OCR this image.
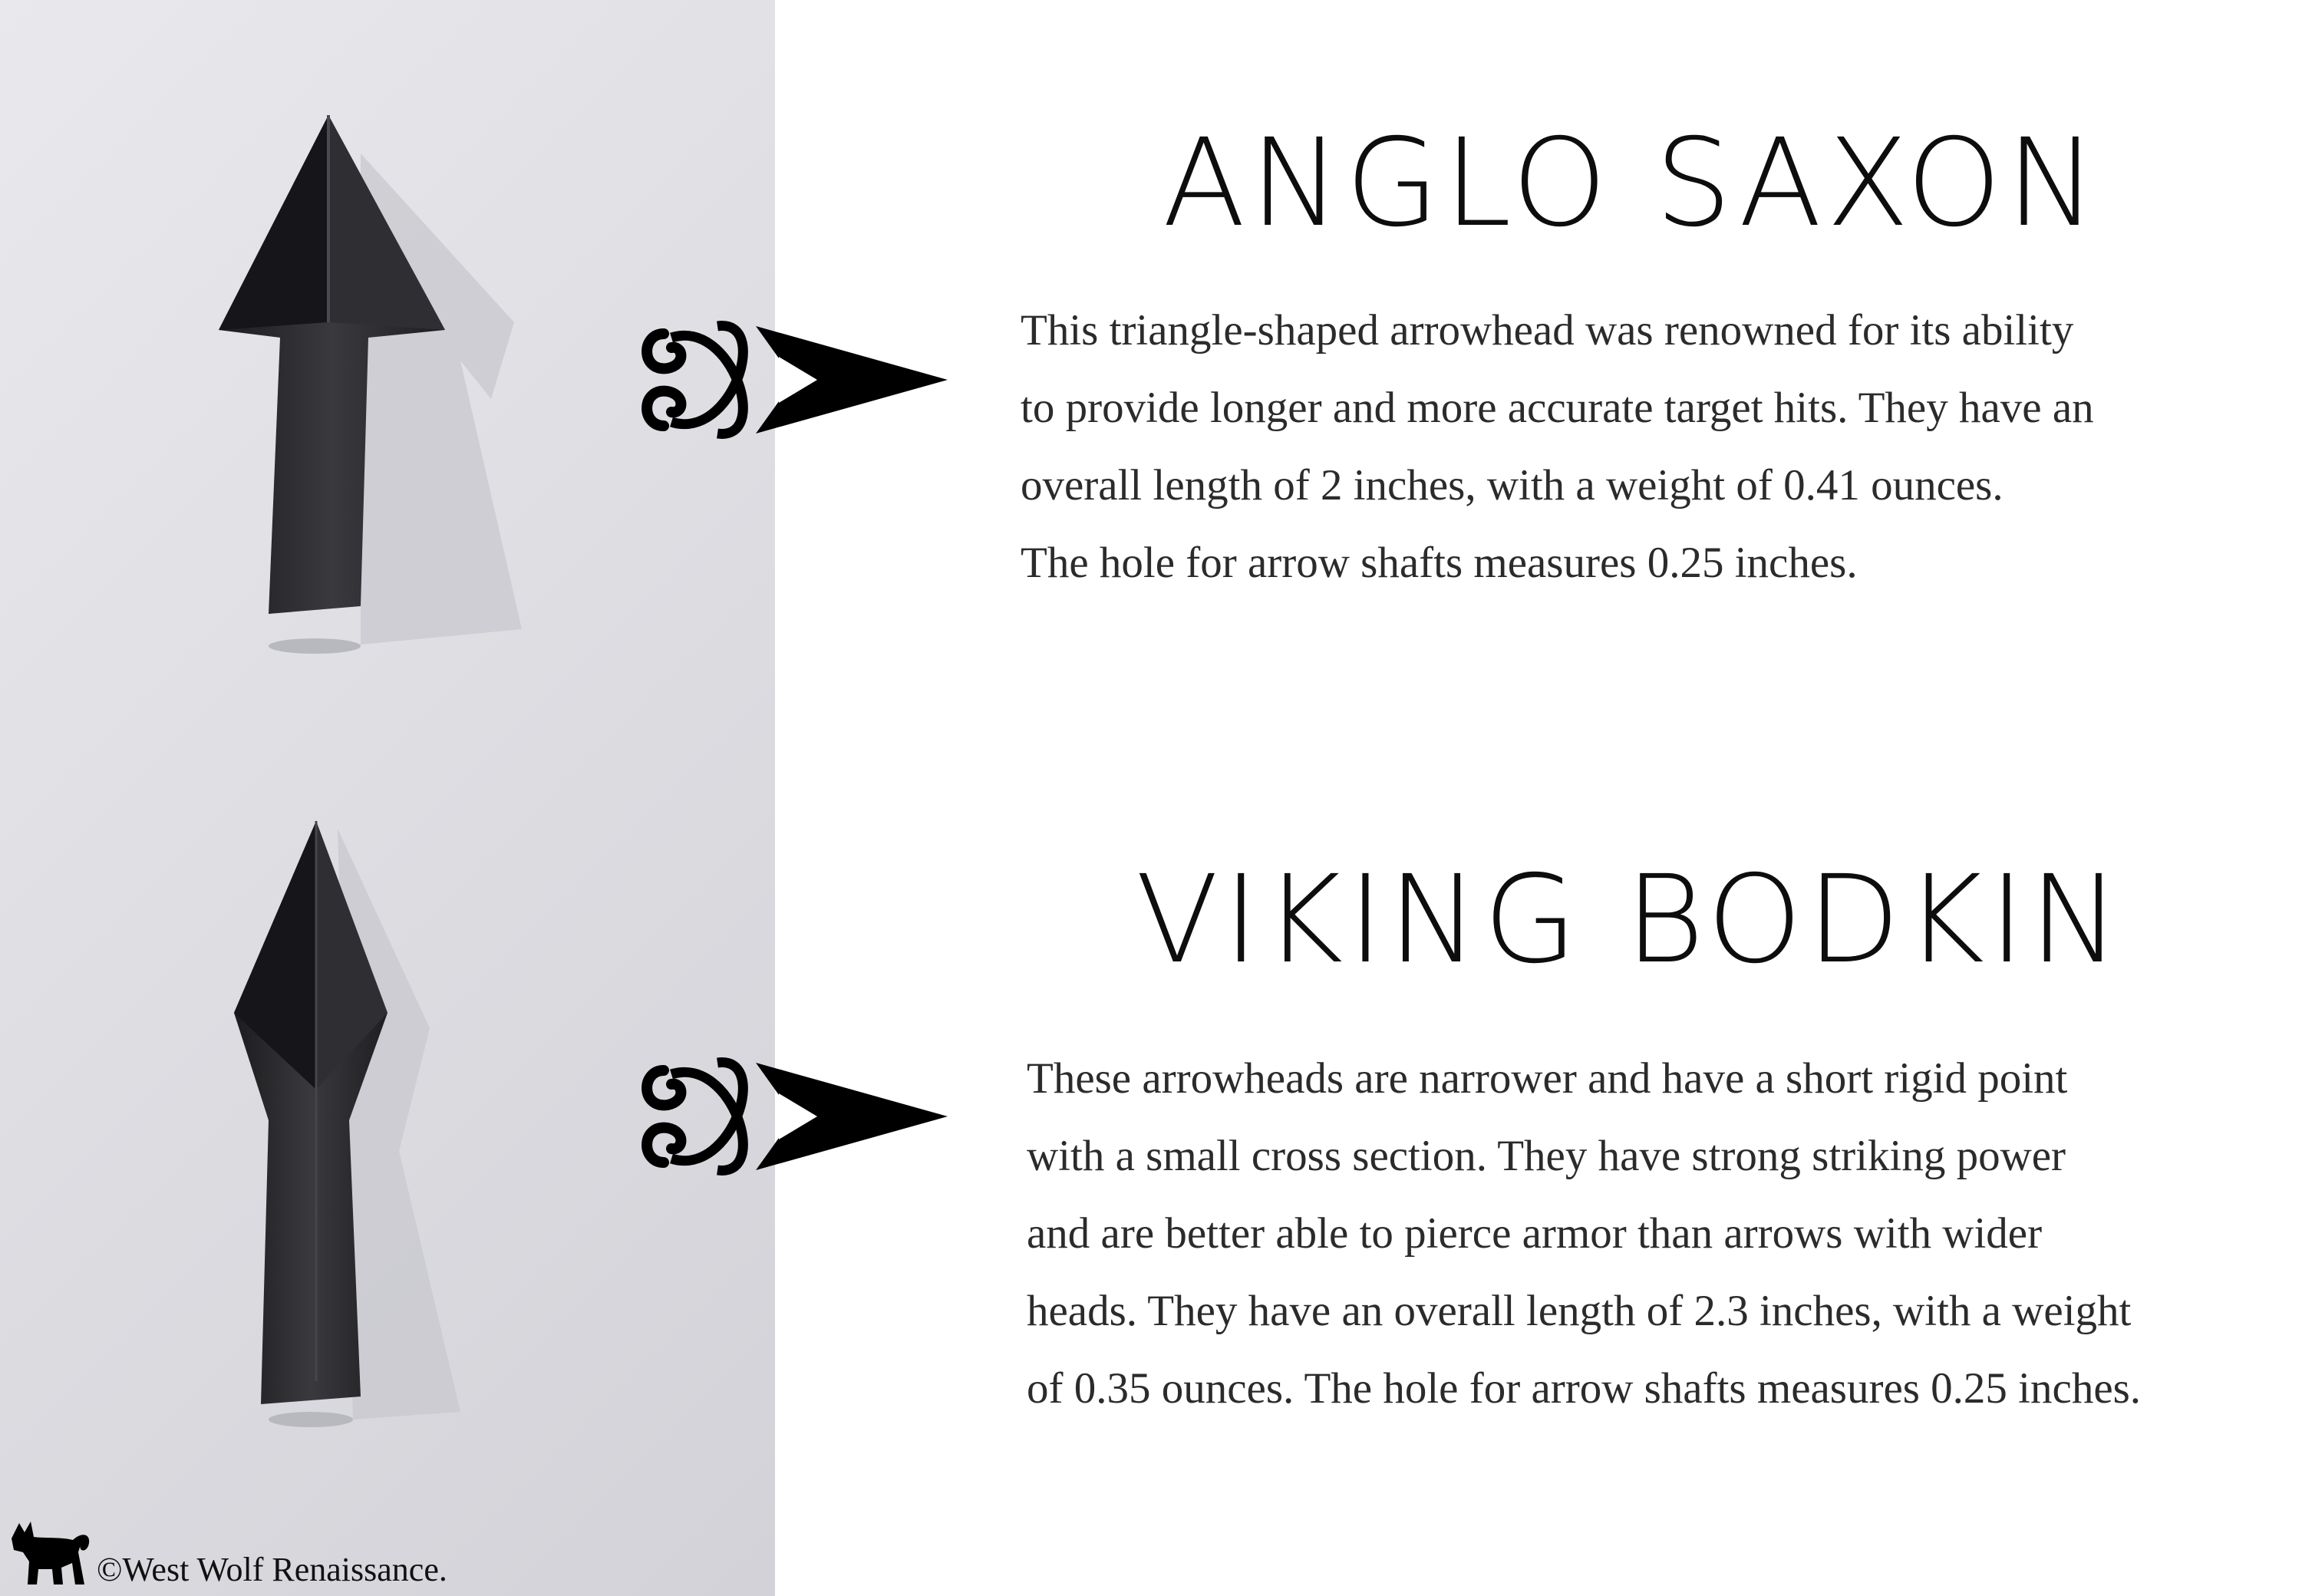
ANGLO SAXON
This triangle-shaped arrowhead was renowned for its ability
to provide longer and more accurate target hits. They have an
overall length of 2 inches, with a weight of 0.41 ounces.
The hole for arrow shafts measures 0.25 inches.
VIKING BODKIN
These arrowheads are narrower and have a short rigid point
with a small cross section. They have strong striking power
and are better able to pierce armor than arrows with wider
heads. They have an overall length of 2.3 inches, with a weight
of 0.35 ounces. The hole for arrow shafts measures 0.25 inches.
©West Wolf Renaissance.
